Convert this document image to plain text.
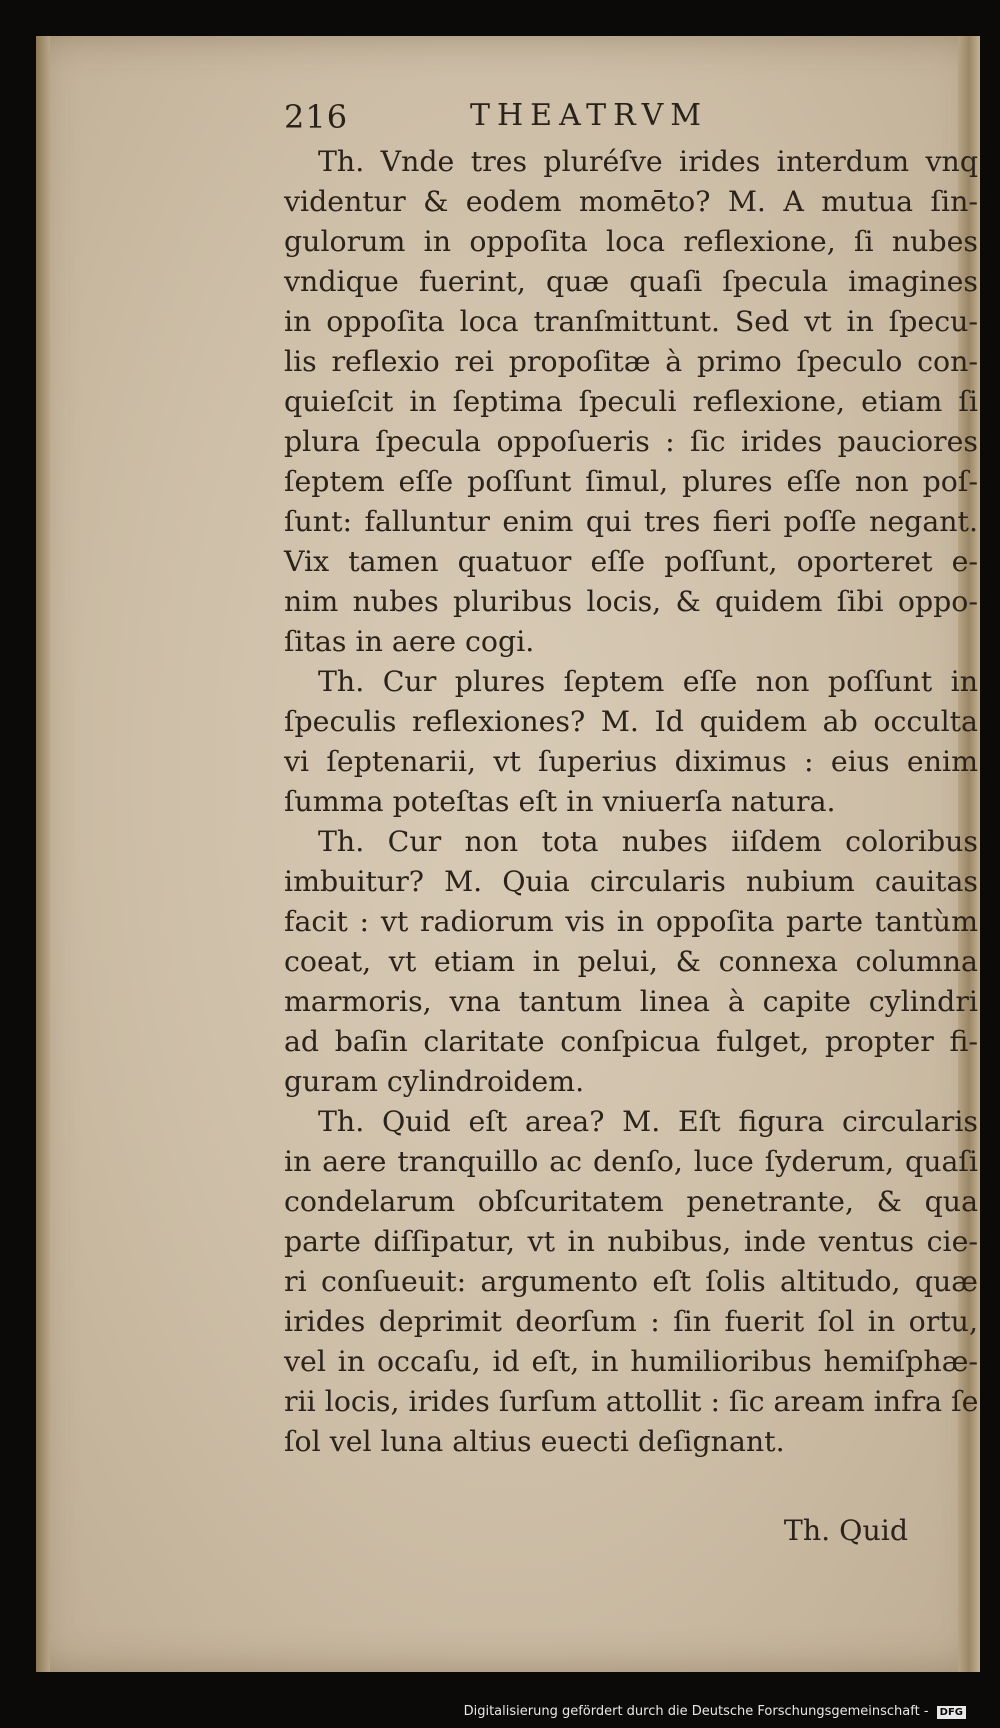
216	THEATRVM
Th. Vnde tres pluréſve irides interdum vnq
videntur & eodem momēto? M. A mutua ſin-
gulorum in oppoſita loca reflexione, ſi nubes
vndique fuerint, quæ quaſi ſpecula imagines
in oppoſita loca tranſmittunt. Sed vt in ſpecu-
lis reflexio rei propoſitæ à primo ſpeculo con-
quieſcit in ſeptima ſpeculi reflexione, etiam ſi
plura ſpecula oppoſueris : ſic irides pauciores
ſeptem eſſe poſſunt ſimul, plures eſſe non poſ-
ſunt: falluntur enim qui tres fieri poſſe negant.
Vix tamen quatuor eſſe poſſunt, oporteret e-
nim nubes pluribus locis, & quidem ſibi oppo-
ſitas in aere cogi.
Th. Cur plures ſeptem eſſe non poſſunt in
ſpeculis reflexiones? M. Id quidem ab occulta
vi ſeptenarii, vt ſuperius diximus : eius enim
ſumma poteſtas eſt in vniuerſa natura.
Th. Cur non tota nubes iiſdem coloribus
imbuitur? M. Quia circularis nubium cauitas
facit : vt radiorum vis in oppoſita parte tantùm
coeat, vt etiam in pelui, & connexa columna
marmoris, vna tantum linea à capite cylindri
ad baſin claritate conſpicua fulget, propter fi-
guram cylindroidem.
Th. Quid eſt area? M. Eſt figura circularis
in aere tranquillo ac denſo, luce ſyderum, quaſi
condelarum obſcuritatem penetrante, & qua
parte diſſipatur, vt in nubibus, inde ventus cie-
ri conſueuit: argumento eſt ſolis altitudo, quæ
irides deprimit deorſum : ſin fuerit ſol in ortu,
vel in occaſu, id eſt, in humilioribus hemiſphæ-
rii locis, irides ſurſum attollit : ſic aream infra ſe
ſol vel luna altius euecti deſignant.
Th. Quid
Digitalisierung gefördert durch die Deutsche Forschungsgemeinschaft - DFG
